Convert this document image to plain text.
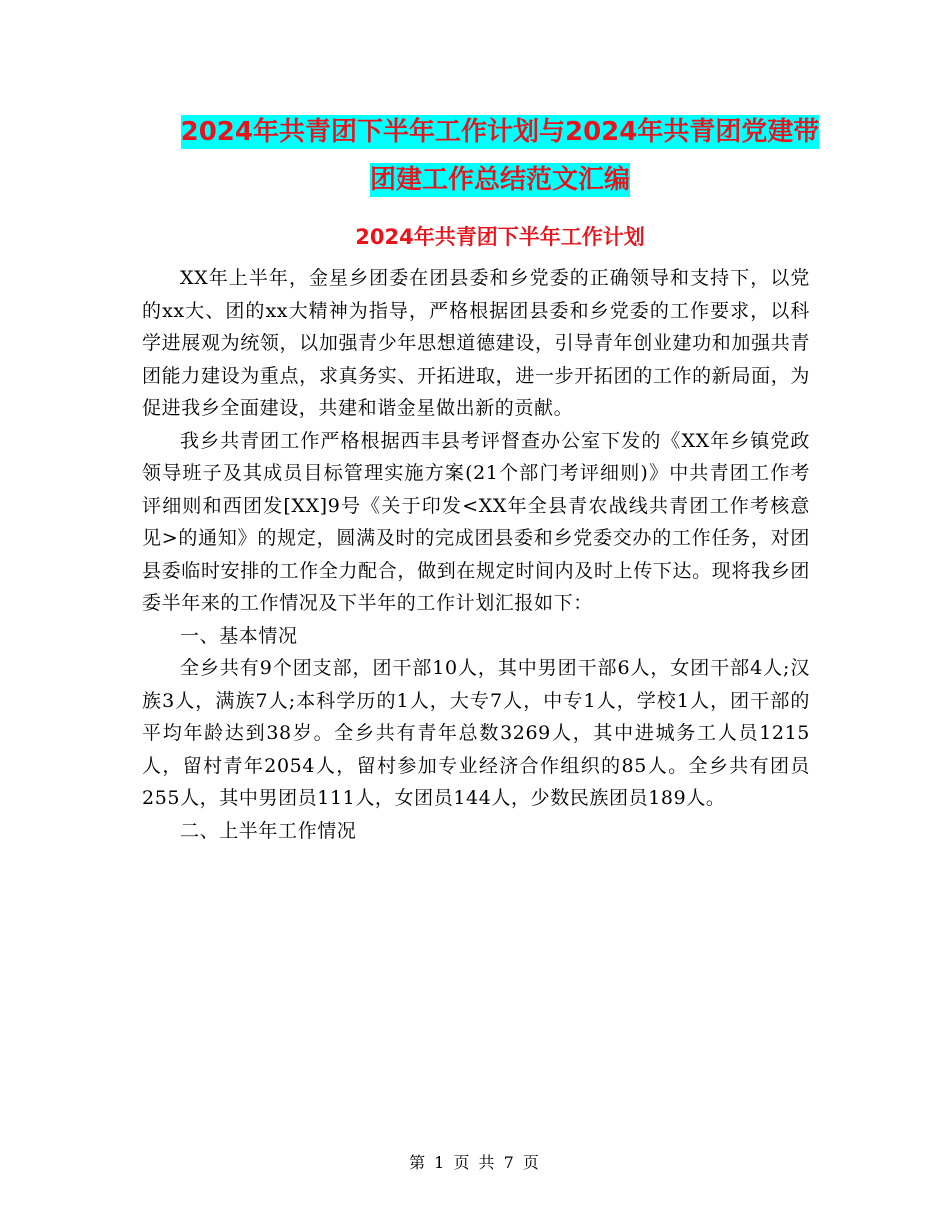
2024年共青团下半年工作计划与2024年共青团党建带
团建工作总结范文汇编
2024年共青团下半年工作计划

XX年上半年，金星乡团委在团县委和乡党委的正确领导和支持下，以党的xx大、团的xx大精神为指导，严格根据团县委和乡党委的工作要求，以科学进展观为统领，以加强青少年思想道德建设，引导青年创业建功和加强共青团能力建设为重点，求真务实、开拓进取，进一步开拓团的工作的新局面，为促进我乡全面建设，共建和谐金星做出新的贡献。

我乡共青团工作严格根据西丰县考评督查办公室下发的《XX年乡镇党政领导班子及其成员目标管理实施方案(21个部门考评细则)》中共青团工作考评细则和西团发[XX]9号《关于印发<XX年全县青农战线共青团工作考核意见>的通知》的规定，圆满及时的完成团县委和乡党委交办的工作任务，对团县委临时安排的工作全力配合，做到在规定时间内及时上传下达。现将我乡团委半年来的工作情况及下半年的工作计划汇报如下：

一、基本情况

全乡共有9个团支部，团干部10人，其中男团干部6人，女团干部4人;汉族3人，满族7人;本科学历的1人，大专7人，中专1人，学校1人，团干部的平均年龄达到38岁。全乡共有青年总数3269人，其中进城务工人员1215人，留村青年2054人，留村参加专业经济合作组织的85人。全乡共有团员255人，其中男团员111人，女团员144人，少数民族团员189人。

二、上半年工作情况

第 1 页 共 7 页
